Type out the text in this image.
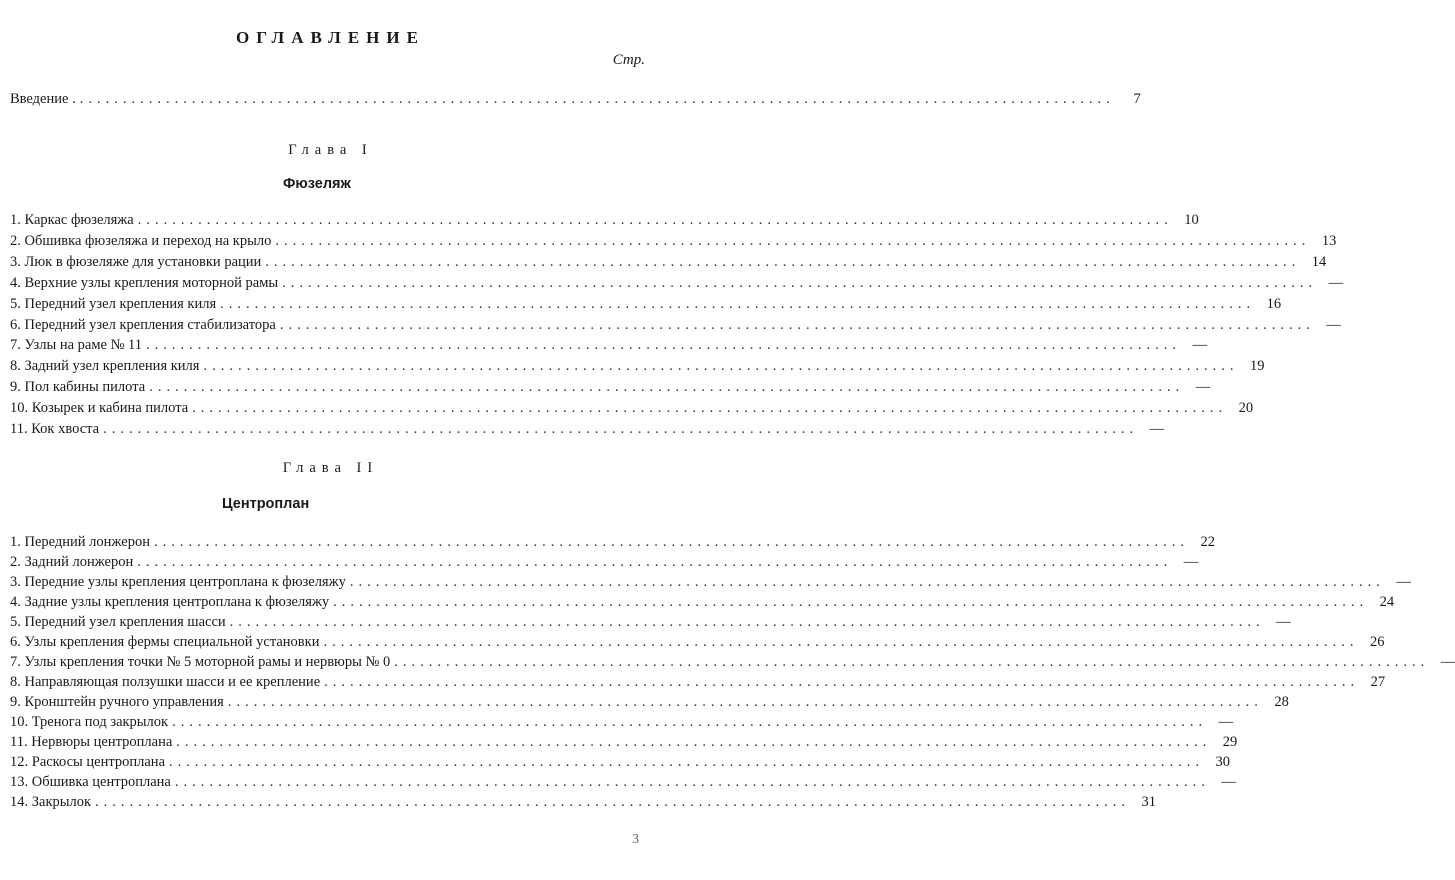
ОГЛАВЛЕНИЕ
Стр.
Введение . ........................................................................................................................	7
Глава I
Фюзеляж
1. Каркас фюзеляжа ........................................................................................................................ 10
2. Обшивка фюзеляжа и переход на крыло ........................................................................................................................ 13
3. Люк в фюзеляже для установки рации ........................................................................................................................ 14
4. Верхние узлы крепления моторной рамы ........................................................................................................................ —
5. Передний узел крепления киля ........................................................................................................................ 16
6. Передний узел крепления стабилизатора ........................................................................................................................ —
7. Узлы на раме № 11 ........................................................................................................................ —
8. Задний узел крепления киля ........................................................................................................................ 19
9. Пол кабины пилота ........................................................................................................................ —
10. Козырек и кабина пилота ........................................................................................................................ 20
11. Кок хвоста ........................................................................................................................ —
Глава II
Центроплан
1. Передний лонжерон ........................................................................................................................ 22
2. Задний лонжерон ........................................................................................................................ —
3. Передние узлы крепления центроплана к фюзеляжу ........................................................................................................................ —
4. Задние узлы крепления центроплана к фюзеляжу ........................................................................................................................ 24
5. Передний узел крепления шасси ........................................................................................................................ —
6. Узлы крепления фермы специальной установки ........................................................................................................................ 26
7. Узлы крепления точки № 5 моторной рамы и нервюры № 0 ........................................................................................................................ —
8. Направляющая ползушки шасси и ее крепление ........................................................................................................................ 27
9. Кронштейн ручного управления ........................................................................................................................ 28
10. Тренога под закрылок ........................................................................................................................ —
11. Нервюры центроплана ........................................................................................................................ 29
12. Раскосы центроплана ........................................................................................................................ 30
13. Обшивка центроплана ........................................................................................................................ —
14. Закрылок ........................................................................................................................ 31
3
